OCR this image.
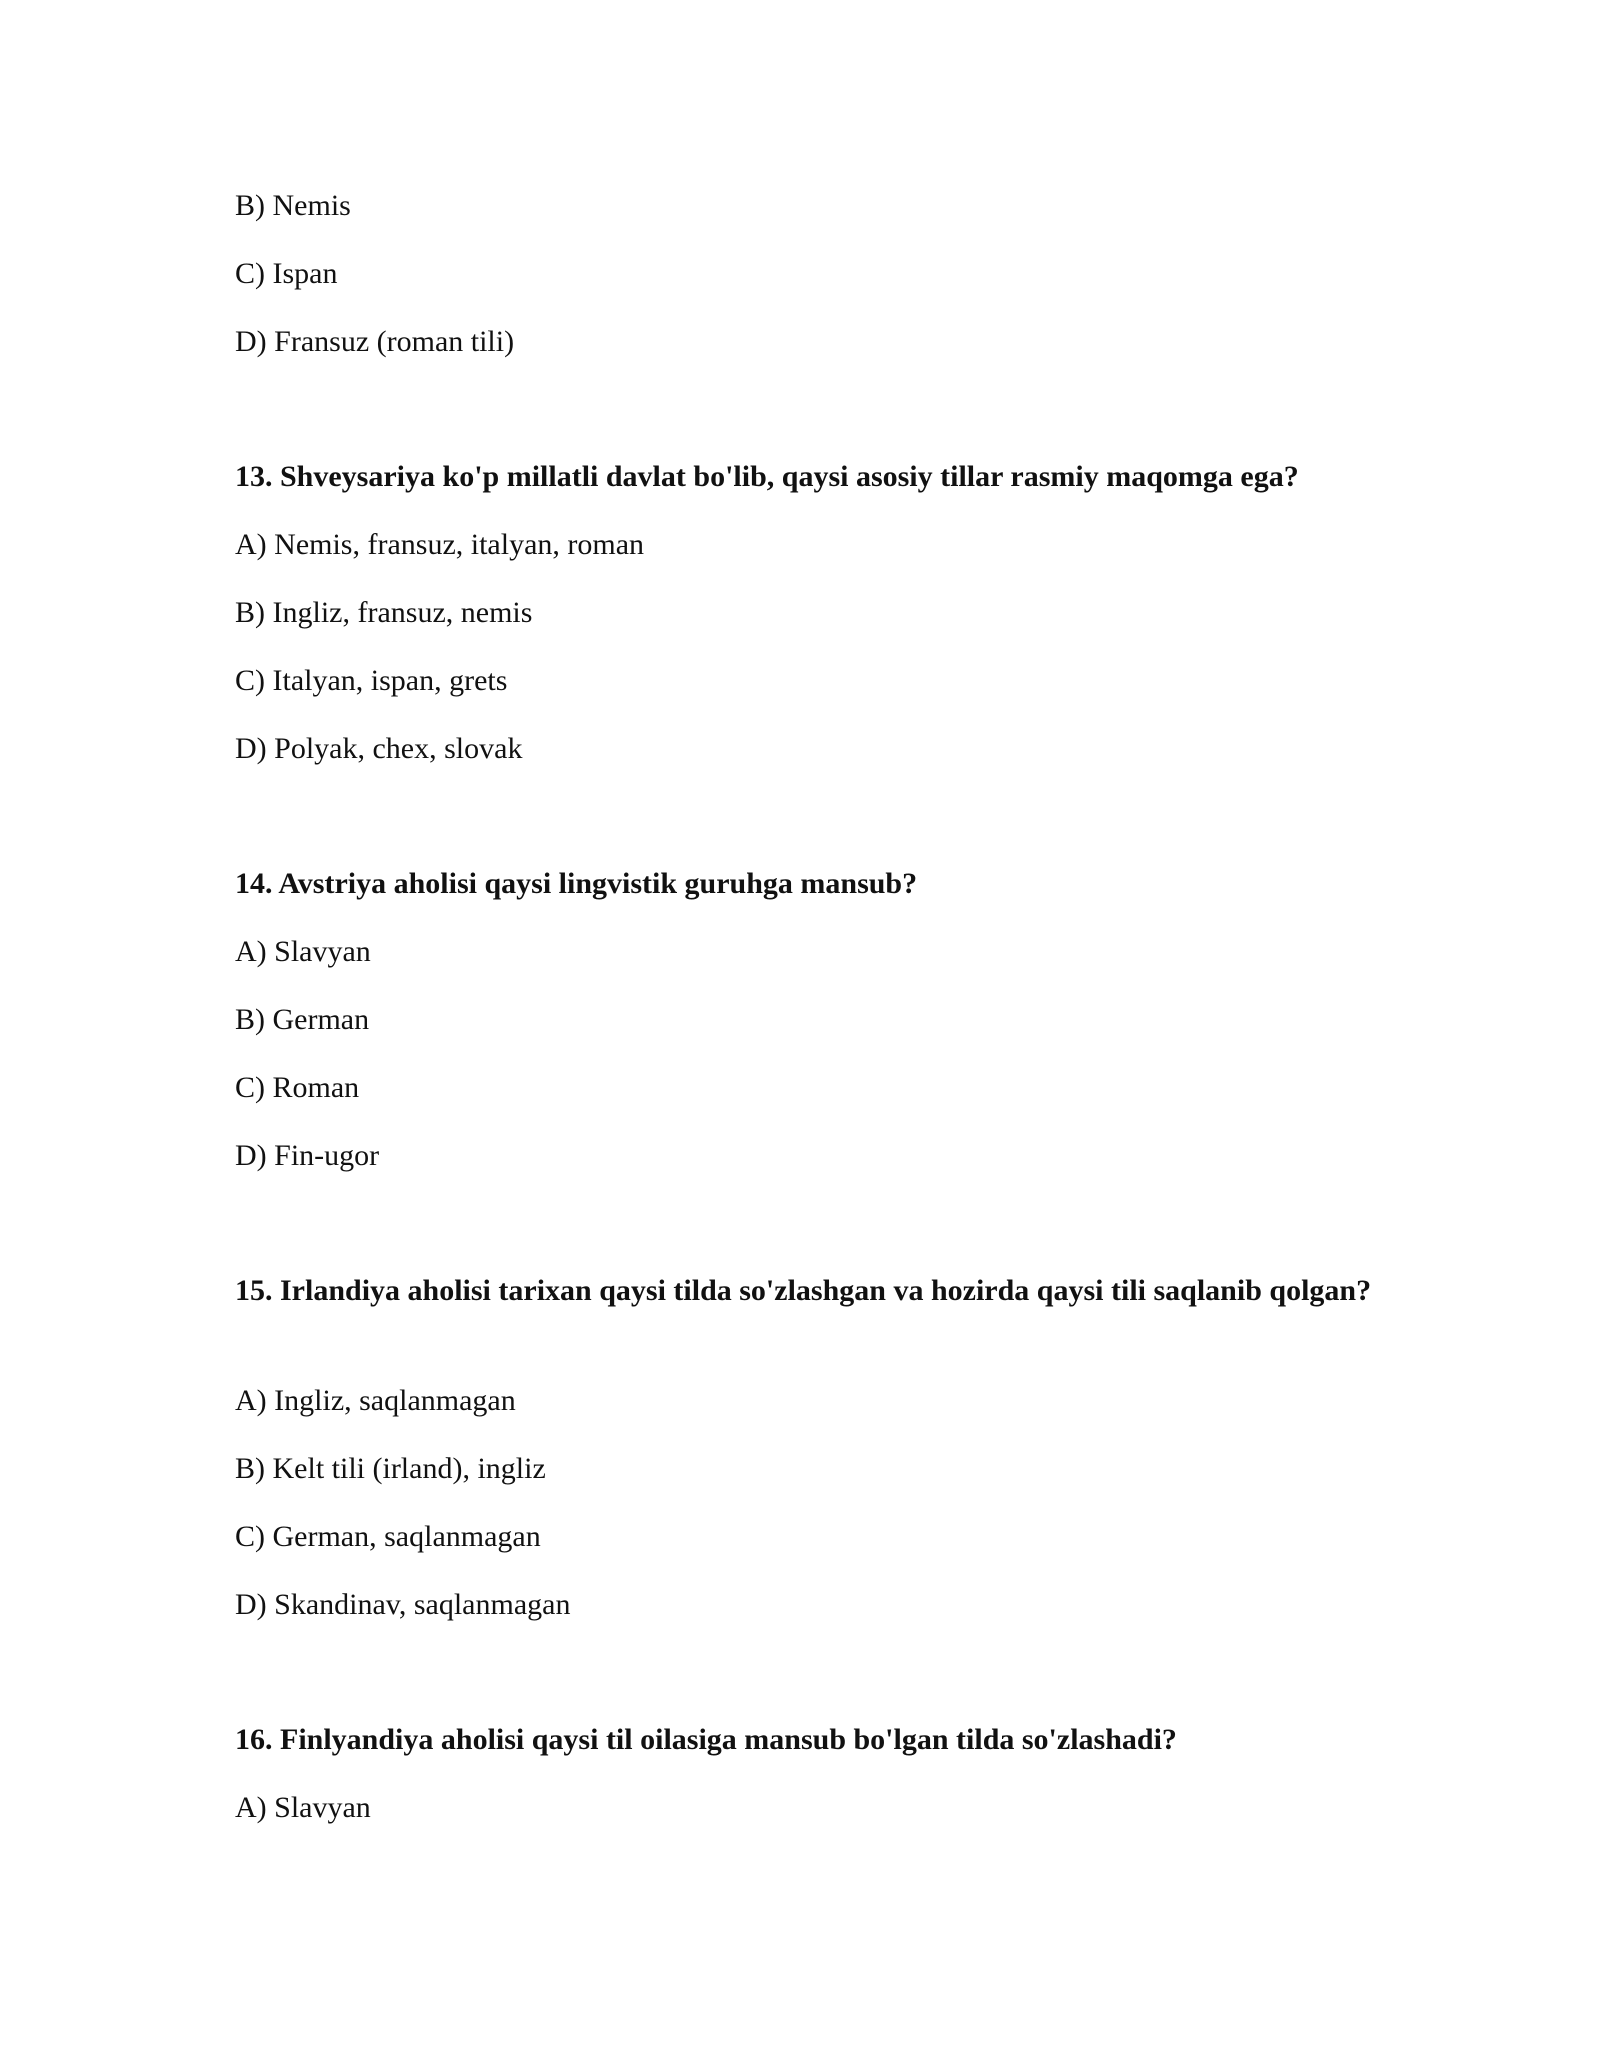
B) Nemis
C) Ispan
D) Fransuz (roman tili)
13. Shveysariya ko'p millatli davlat bo'lib, qaysi asosiy tillar rasmiy maqomga ega?
A) Nemis, fransuz, italyan, roman
B) Ingliz, fransuz, nemis
C) Italyan, ispan, grets
D) Polyak, chex, slovak
14. Avstriya aholisi qaysi lingvistik guruhga mansub?
A) Slavyan
B) German
C) Roman
D) Fin-ugor
15. Irlandiya aholisi tarixan qaysi tilda so'zlashgan va hozirda qaysi tili saqlanib qolgan?
A) Ingliz, saqlanmagan
B) Kelt tili (irland), ingliz
C) German, saqlanmagan
D) Skandinav, saqlanmagan
16. Finlyandiya aholisi qaysi til oilasiga mansub bo'lgan tilda so'zlashadi?
A) Slavyan
